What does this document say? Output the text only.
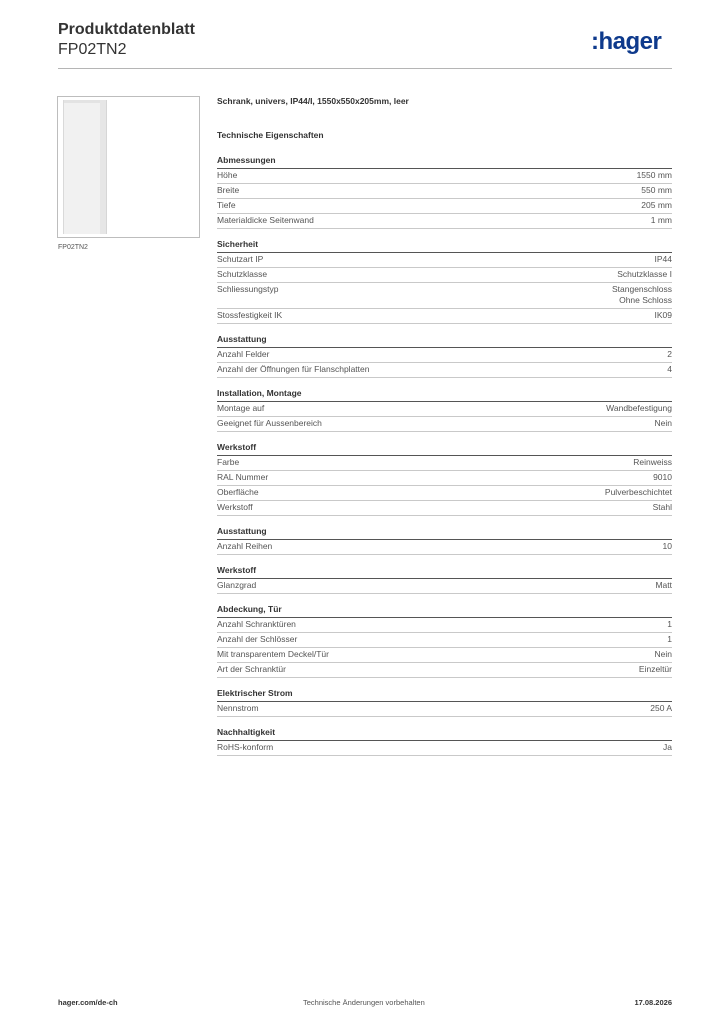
Produktdatenblatt

FP02TN2	:hager
FP02TN2

Schrank, univers, IP44/I, 1550x550x205mm, leer

Technische Eigenschaften

Abmessungen
Höhe	1550 mm
Breite	550 mm
Tiefe	205 mm
Materialdicke Seitenwand	1 mm
Sicherheit
Schutzart IP	IP44
Schutzklasse	Schutzklasse I
Schliessungstyp	Stangenschloss
Ohne Schloss
Stossfestigkeit IK	IK09
Ausstattung
Anzahl Felder	2
Anzahl der Öffnungen für Flanschplatten	4
Installation, Montage
Montage auf	Wandbefestigung
Geeignet für Aussenbereich	Nein
Werkstoff
Farbe	Reinweiss
RAL Nummer	9010
Oberfläche	Pulverbeschichtet
Werkstoff	Stahl
Ausstattung
Anzahl Reihen	10
Werkstoff
Glanzgrad	Matt
Abdeckung, Tür
Anzahl Schranktüren	1
Anzahl der Schlösser	1
Mit transparentem Deckel/Tür	Nein
Art der Schranktür	Einzeltür
Elektrischer Strom
Nennstrom	250 A
Nachhaltigkeit
RoHS-konform	Ja
hager.com/de-ch	Technische Änderungen vorbehalten	17.08.2026
